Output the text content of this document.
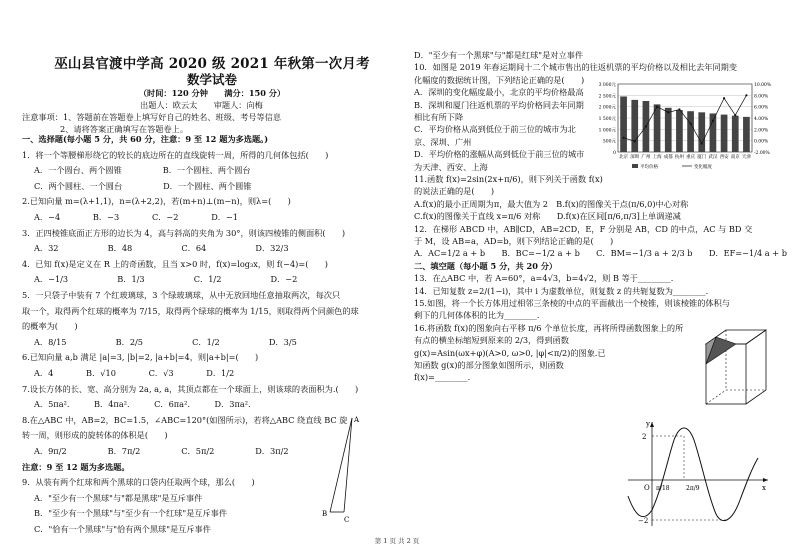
巫山县官渡中学高 2020 级 2021 年秋第一次月考
数学试卷
（时间：120 分钟　　满分：150 分）
出题人：欧云太　　审题人：向梅
注意事项：1、答题前在答题卷上填写好自己的姓名、班级、考号等信息
2、请将答案正确填写在答题卷上。
一、选择题(每小题 5 分，共 60 分，注意：9 至 12 题为多选题。)
1．将一个等腰梯形绕它的较长的底边所在的直线旋转一周，所得的几何体包括(　　)
A．一个圆台、两个圆锥　　　　　B．一个圆柱、两个圆台
C．两个圆柱、一个圆台　　　　　D．一个圆柱、两个圆锥
2.已知向量 m=(λ+1,1)，n=(λ+2,2)，若(m+n)⊥(m−n)，则λ=(　　)
A．−4　　　　B．−3　　　　C．−2　　　　D．−1
3．正四棱锥底面正方形的边长为 4，高与斜高的夹角为 30°，则该四棱锥的侧面积(　　)
A．32　　　　　　B．48　　　　　　C．64　　　　　　D．32/3
4．已知 f(x)是定义在 R 上的奇函数，且当 x>0 时，f(x)=log₃x，则 f(−4)=(　　)
A．−1/3　　　　　　B．1/3　　　　　　C．1/2　　　　　　D．−2
5．一只袋子中装有 7 个红玻璃球，3 个绿玻璃球，从中无放回地任意抽取两次，每次只
取一个，取得两个红球的概率为 7/15，取得两个绿球的概率为 1/15，则取得两个同颜色的球
的概率为(　　)
A．8/15　　　　　　B．2/5　　　　　　C．1/2　　　　　　D．3/5
6.已知向量 a,b 满足 |a|=3, |b|=2, |a+b|=4，则|a+b|=(　　)
A．4　　　　B．√10　　　　C．√3　　　　D．1/2
7.设长方体的长、宽、高分别为 2a, a, a，其顶点都在一个球面上，则该球的表面积为.(　　)
A．5πa².　　　B．4πa².　　　C．6πa².　　　D．3πa².
8.在△ABC 中，AB=2，BC=1.5，∠ABC=120°(如图所示)，若将△ABC 绕直线 BC 旋
转一周，则形成的旋转体的体积是(　　)
A．9π/2　　　　　B．7π/2　　　　　C．5π/2　　　　　D．3π/2
注意：9 至 12 题为多选题。
9．从装有两个红球和两个黑球的口袋内任取两个球，那么(　　)
A．"至少有一个黑球"与"都是黑球"是互斥事件
B．"至少有一个黑球"与"至少有一个红球"是互斥事件
C．"恰有一个黑球"与"恰有两个黑球"是互斥事件
A
B
C
D．"至少有一个黑球"与"都是红球"是对立事件
10．如图是 2019 年春运期间十二个城市售出的往返机票的平均价格以及相比去年同期变
化幅度的数据统计图，下列结论正确的是(　　)
A．深圳的变化幅度最小，北京的平均价格最高
B．深圳和厦门往返机票的平均价格同去年同期
相比有所下降
C．平均价格从高到低位于前三位的城市为北
京、深圳、广州
D．平均价格的涨幅从高到低位于前三位的城市
为天津、西安、上海
11.函数 f(x)=2sin(2x+π/6)，则下列关于函数 f(x)
的说法正确的是(　　)
A.f(x)的最小正周期为π，最大值为 2　B.f(x)的图像关于点(π/6,0)中心对称
C.f(x)的图像关于直线 x=π/6 对称　　D.f(x)在区间[π/6,π/3]上单调递减
12．在梯形 ABCD 中，AB∥CD，AB=2CD，E，F 分别是 AB，CD 的中点，AC 与 BD 交
于 M，设 AB=a，AD=b，则下列结论正确的是(　　)
A．AC=1/2 a + b　　B．BC=−1/2 a + b　　C．BM=−1/3 a + 2/3 b　　D．EF=−1/4 a + b
二、填空题（每小题 5 分，共 20 分）
13．在△ABC 中，若 A=60°，a=4√3，b=4√2，则 B 等于________.
14．已知复数 z=2/(1−i)，其中 i 为虚数单位，则复数 z 的共轭复数为________.
15.如图，将一个长方体用过相邻三条棱的中点的平面截出一个棱锥，则该棱锥的体积与
剩下的几何体体积的比为________.
16.将函数 f(x)的图象向右平移 π/6 个单位长度，再将所得函数图象上的所
有点的横坐标缩短到原来的 2/3，得到函数
g(x)=Asin(ωx+φ)(A>0, ω>0, |φ|<π/2)的图象.已
知函数 g(x)的部分图象如图所示，则函数
f(x)=________.
3 000元
2 500元
2 000元
1 500元
1 000元
500元
0
10.00%
8.00%
6.00%
4.00%
2.00%
0.00%
-2.00%
北京 深圳 广州 上海 成都 杭州 重庆 厦门 武汉 西安 南京 天津
平均价格	变化幅度
y
x
O
2
−2
π/18	2π/9
第 1 页 共 2 页
